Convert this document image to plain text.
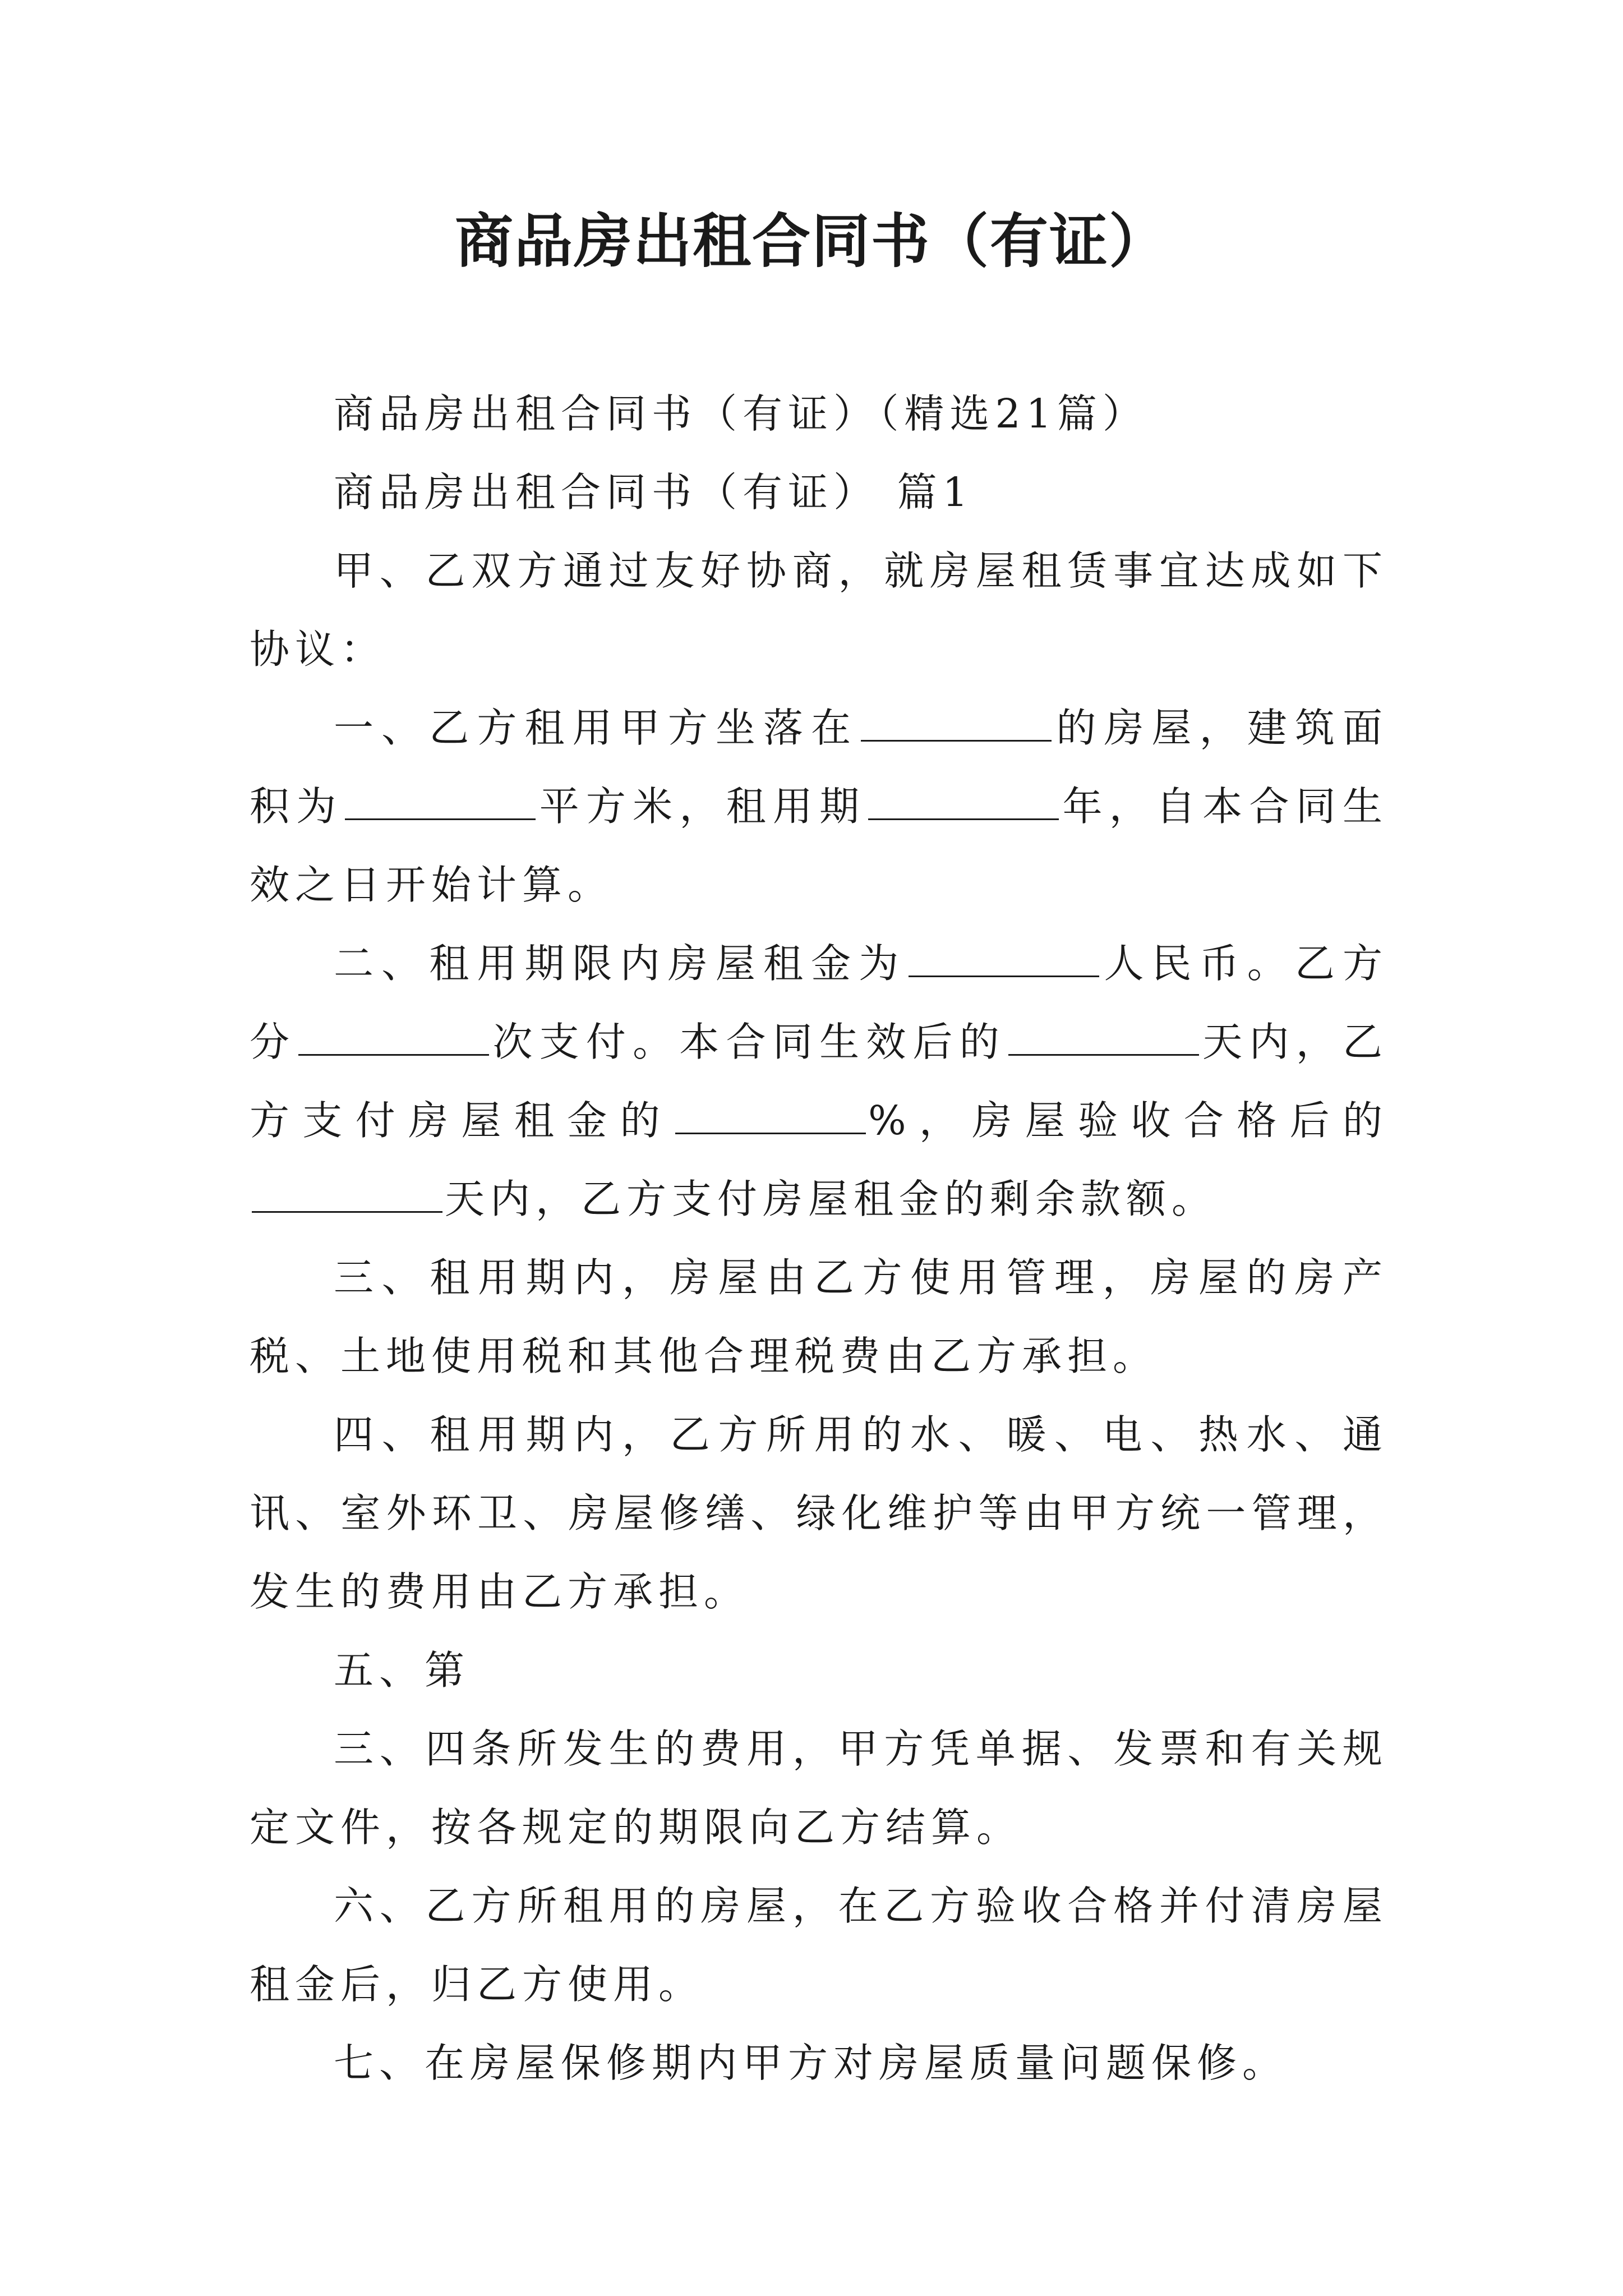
商品房出租合同书（有证）

商品房出租合同书（有证）（精选21篇）

商品房出租合同书（有证） 篇1

甲、乙双方通过友好协商，就房屋租赁事宜达成如下协议：

一、乙方租用甲方坐落在	的房屋，建筑面积为	平方米，租用期	年，自本合同生效之日开始计算。

二、租用期限内房屋租金为	人民币。乙方分	次支付。本合同生效后的	天内，乙方支付房屋租金的	%，房屋验收合格后的天内，乙方支付房屋租金的剩余款额。

三、租用期内，房屋由乙方使用管理，房屋的房产税、土地使用税和其他合理税费由乙方承担。

四、租用期内，乙方所用的水、暖、电、热水、通讯、室外环卫、房屋修缮、绿化维护等由甲方统一管理，发生的费用由乙方承担。

五、第

三、四条所发生的费用，甲方凭单据、发票和有关规定文件，按各规定的期限向乙方结算。

六、乙方所租用的房屋，在乙方验收合格并付清房屋租金后，归乙方使用。

七、在房屋保修期内甲方对房屋质量问题保修。
